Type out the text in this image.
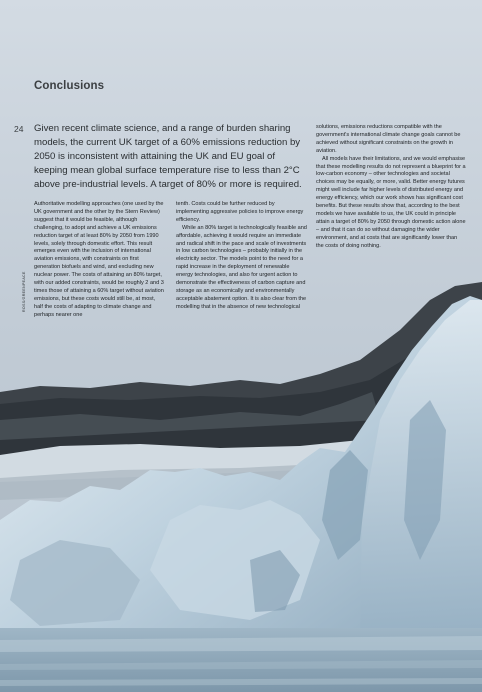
Conclusions
24 Given recent climate science, and a range of burden sharing models, the current UK target of a 60% emissions reduction by 2050 is inconsistent with attaining the UK and EU goal of keeping mean global surface temperature rise to less than 2°C above pre-industrial levels. A target of 80% or more is required.

Authoritative modelling approaches (one used by the UK government and the other by the Stern Review) suggest that it would be feasible, although challenging, to adopt and achieve a UK emissions reduction target of at least 80% by 2050 from 1990 levels, solely through domestic effort. This result emerges even with the inclusion of international aviation emissions, with constraints on first generation biofuels and wind, and excluding new nuclear power. The costs of attaining an 80% target, with our added constraints, would be roughly 2 and 3 times those of attaining a 60% target without aviation emissions, but these costs would still be, at most, half the costs of adapting to climate change and perhaps nearer one

tenth. Costs could be further reduced by implementing aggressive policies to improve energy efficiency.

While an 80% target is technologically feasible and affordable, achieving it would require an immediate and radical shift in the pace and scale of investments in low carbon technologies – probably initially in the electricity sector. The models point to the need for a rapid increase in the deployment of renewable energy technologies, and also for urgent action to demonstrate the effectiveness of carbon capture and storage as an economically and environmentally acceptable abatement option. It is also clear from the modelling that in the absence of new technological

solutions, emissions reductions compatible with the government's international climate change goals cannot be achieved without significant constraints on the growth in aviation.

All models have their limitations, and we would emphasise that these modelling results do not represent a blueprint for a low-carbon economy – other technologies and societal choices may be equally, or more, valid. Better energy futures might well include far higher levels of distributed energy and energy efficiency, which our work shows has significant cost benefits. But these results show that, according to the best models we have available to us, the UK could in principle attain a target of 80% by 2050 through domestic action alone – and that it can do so without damaging the wider environment, and at costs that are significantly lower than the costs of doing nothing.

ROSS/GREENPEACE
